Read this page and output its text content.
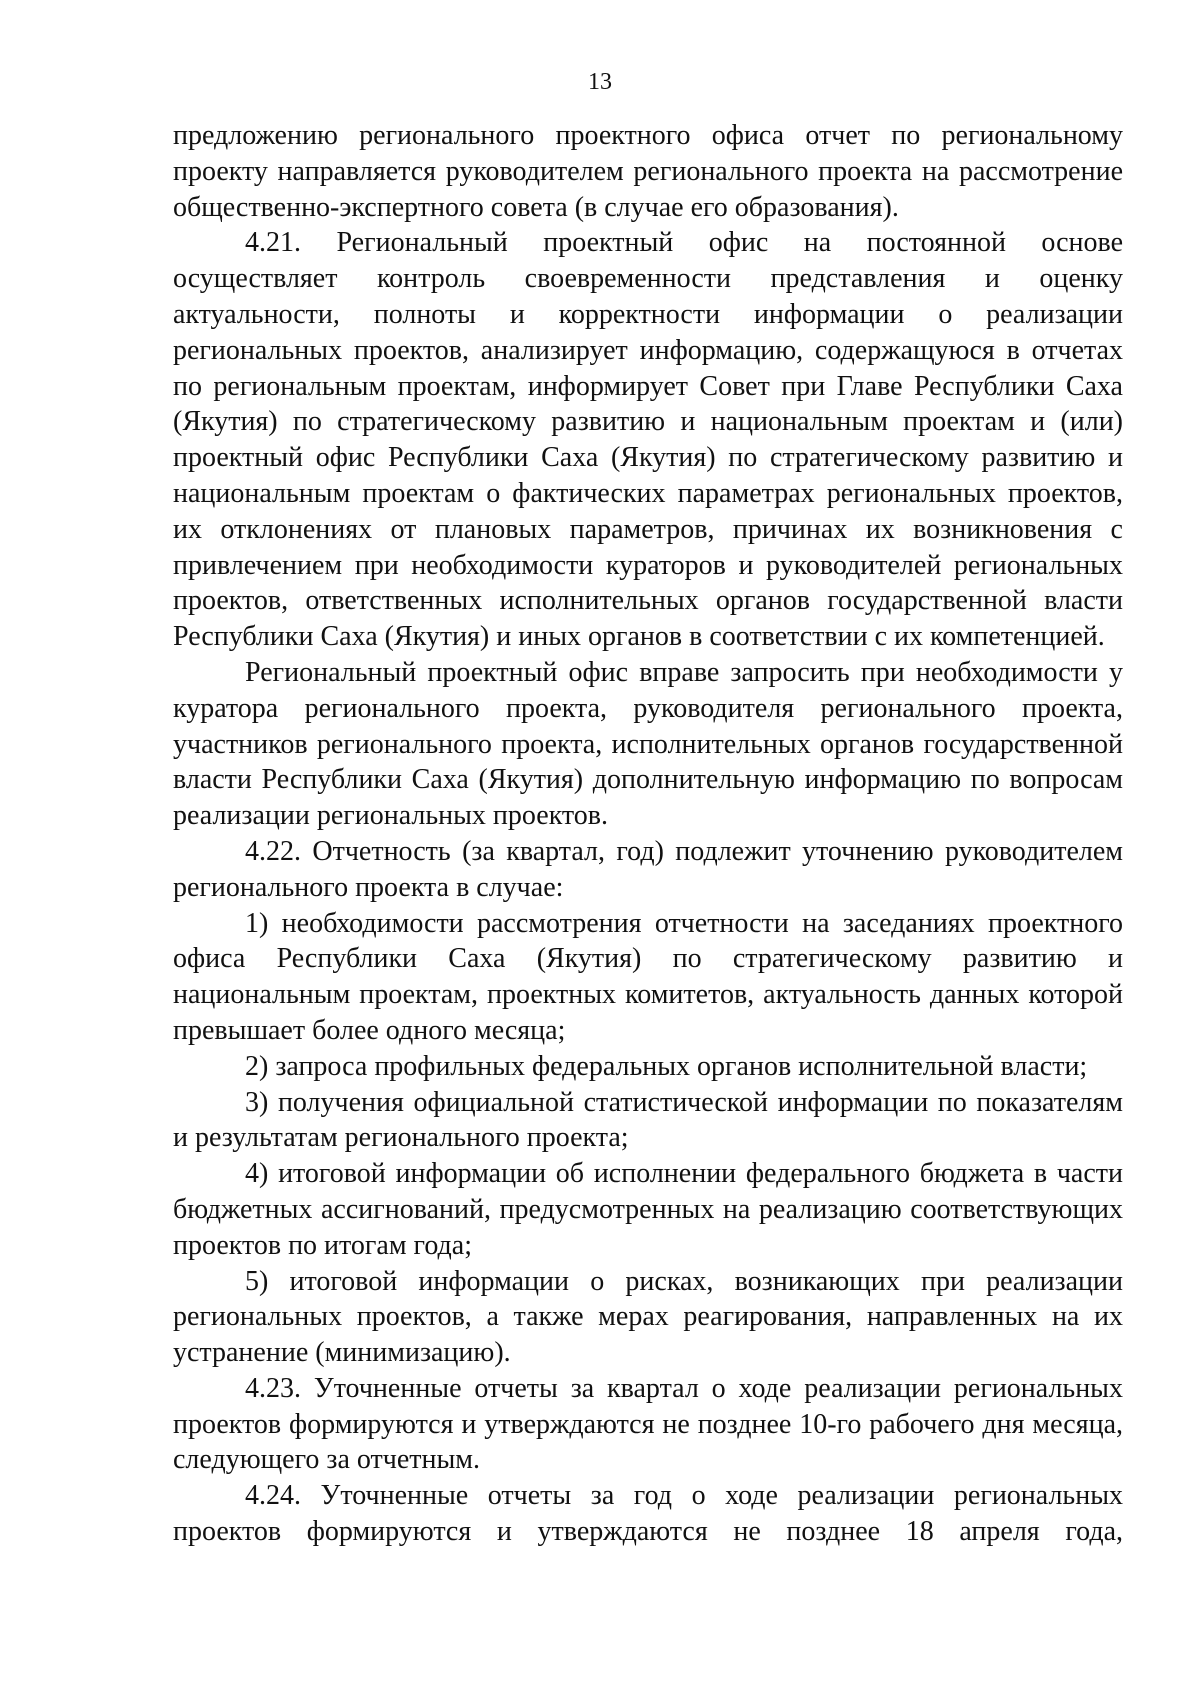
13

предложению регионального проектного офиса отчет по региональному проекту направляется руководителем регионального проекта на рассмотрение общественно-экспертного совета (в случае его образования).

4.21. Региональный проектный офис на постоянной основе осуществляет контроль своевременности представления и оценку актуальности, полноты и корректности информации о реализации региональных проектов, анализирует информацию, содержащуюся в отчетах по региональным проектам, информирует Совет при Главе Республики Саха (Якутия) по стратегическому развитию и национальным проектам и (или) проектный офис Республики Саха (Якутия) по стратегическому развитию и национальным проектам о фактических параметрах региональных проектов, их отклонениях от плановых параметров, причинах их возникновения с привлечением при необходимости кураторов и руководителей региональных проектов, ответственных исполнительных органов государственной власти Республики Саха (Якутия) и иных органов в соответствии с их компетенцией.

Региональный проектный офис вправе запросить при необходимости у куратора регионального проекта, руководителя регионального проекта, участников регионального проекта, исполнительных органов государственной власти Республики Саха (Якутия) дополнительную информацию по вопросам реализации региональных проектов.

4.22. Отчетность (за квартал, год) подлежит уточнению руководителем регионального проекта в случае:

1) необходимости рассмотрения отчетности на заседаниях проектного офиса Республики Саха (Якутия) по стратегическому развитию и национальным проектам, проектных комитетов, актуальность данных которой превышает более одного месяца;

2) запроса профильных федеральных органов исполнительной власти;

3) получения официальной статистической информации по показателям и результатам регионального проекта;

4) итоговой информации об исполнении федерального бюджета в части бюджетных ассигнований, предусмотренных на реализацию соответствующих проектов по итогам года;

5) итоговой информации о рисках, возникающих при реализации региональных проектов, а также мерах реагирования, направленных на их устранение (минимизацию).

4.23. Уточненные отчеты за квартал о ходе реализации региональных проектов формируются и утверждаются не позднее 10-го рабочего дня месяца, следующего за отчетным.

4.24. Уточненные отчеты за год о ходе реализации региональных проектов формируются и утверждаются не позднее 18 апреля года,
